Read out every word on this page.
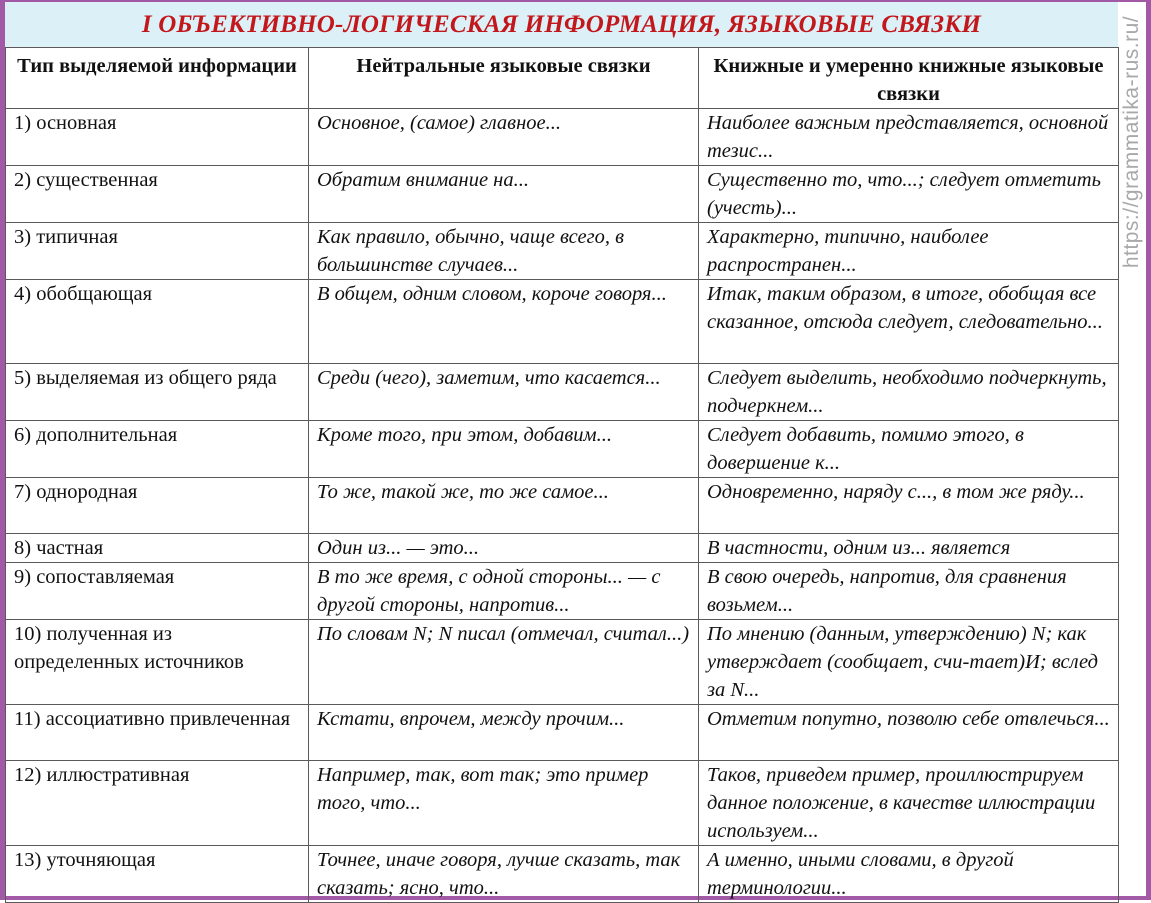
I ОБЪЕКТИВНО-ЛОГИЧЕСКАЯ ИНФОРМАЦИЯ, ЯЗЫКОВЫЕ СВЯЗКИ	https://grammatika-rus.ru/
Тип выделяемой информации	Нейтральные языковые связки	Книжные и умеренно книжные языковые связки
1) основная	Основное, (самое) главное...	Наиболее важным представляется, основной тезис...
2) существенная	Обратим внимание на...	Существенно то, что...; следует отметить (учесть)...
3) типичная	Как правило, обычно, чаще всего, в большинстве случаев...	Характерно, типично, наиболее распространен...
4) обобщающая	В общем, одним словом, короче говоря...	Итак, таким образом, в итоге, обобщая все сказанное, отсюда следует, следовательно...
5) выделяемая из общего ряда	Среди (чего), заметим, что касается...	Следует выделить, необходимо подчеркнуть, подчеркнем...
6) дополнительная	Кроме того, при этом, добавим...	Следует добавить, помимо этого, в довершение к...
7) однородная	То же, такой же, то же самое...	Одновременно, наряду с..., в том же ряду...
8) частная	Один из... — это...	В частности, одним из... является
9) сопоставляемая	В то же время, с одной стороны... — с другой стороны, напротив...	В свою очередь, напротив, для сравнения возьмем...
10) полученная из определенных источников	По словам N; N писал (отмечал, считал...)	По мнению (данным, утверждению) N; как утверждает (сообщает, счи-тает)И; вслед за N...
11) ассоциативно привлеченная	Кстати, впрочем, между прочим...	Отметим попутно, позволю себе отвлечься...
12) иллюстративная	Например, так, вот так; это пример того, что...	Таков, приведем пример, проиллюстрируем данное положение, в качестве иллюстрации используем...
13) уточняющая	Точнее, иначе говоря, лучше сказать, так сказать; ясно, что...	А именно, иными словами, в другой терминологии...
